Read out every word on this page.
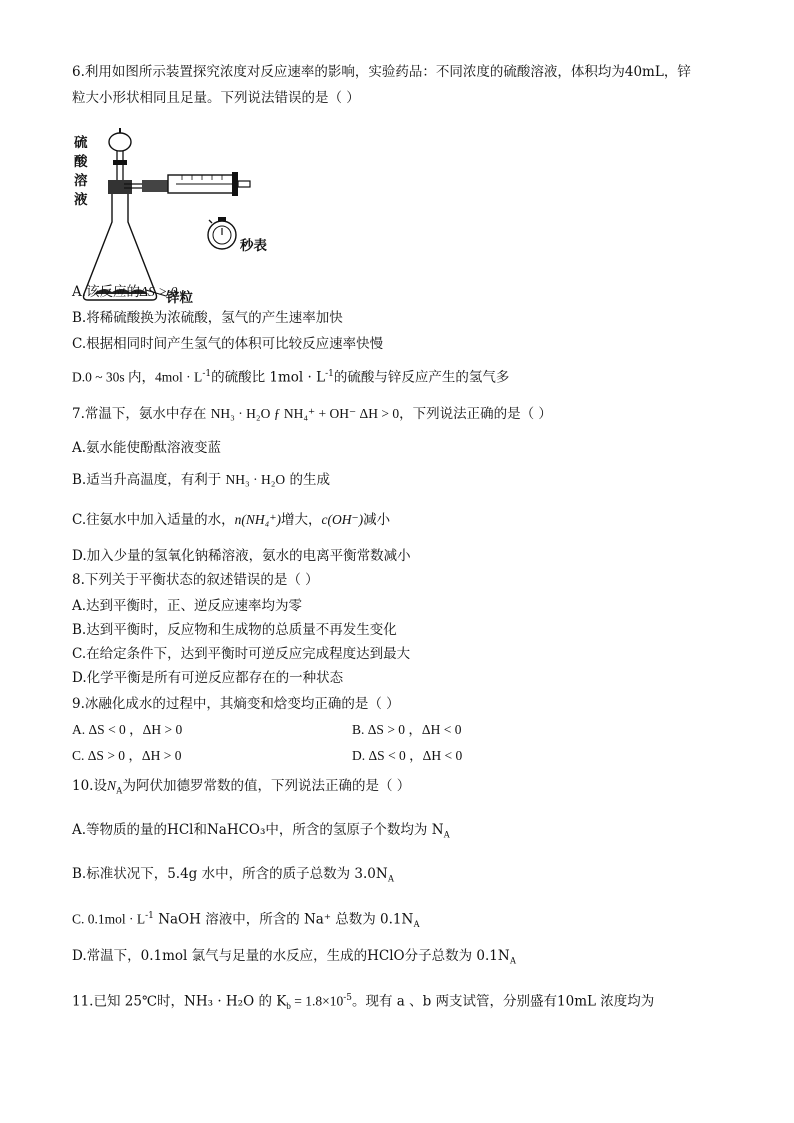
6.利用如图所示装置探究浓度对反应速率的影响，实验药品：不同浓度的硫酸溶液，体积均为40mL，锌
粒大小形状相同且足量。下列说法错误的是（ ）
硫酸溶液
锌粒
秒表
A.该反应的ΔS > 0
B.将稀硫酸换为浓硫酸，氢气的产生速率加快
C.根据相同时间产生氢气的体积可比较反应速率快慢
D.0 ~ 30s 内，$4mol \cdot L^{-1}$的硫酸比 $1mol \cdot L^{-1}$的硫酸与锌反应产生的氢气多
7.常温下，氨水中存在 NH₃ · H₂O ƒ NH₄⁺ + OH⁻ ΔH > 0，下列说法正确的是（ ）
A.氨水能使酚酞溶液变蓝
B.适当升高温度，有利于 NH₃ · H₂O 的生成
C.往氨水中加入适量的水，n(NH₄⁺)增大，c(OH⁻)减小
D.加入少量的氢氧化钠稀溶液，氨水的电离平衡常数减小
8.下列关于平衡状态的叙述错误的是（ ）
A.达到平衡时，正、逆反应速率均为零
B.达到平衡时，反应物和生成物的总质量不再发生变化
C.在给定条件下，达到平衡时可逆反应完成程度达到最大
D.化学平衡是所有可逆反应都存在的一种状态
9.冰融化成水的过程中，其熵变和焓变均正确的是（ ）
A. ΔS < 0 ，ΔH > 0	B. ΔS > 0 ，ΔH < 0
C. ΔS > 0 ，ΔH > 0	D. ΔS < 0 ，ΔH < 0
10.设$N_A$为阿伏加德罗常数的值，下列说法正确的是（ ）
A.等物质的量的HCl和NaHCO₃中，所含的氢原子个数均为 $N_A$
B.标准状况下，5.4g 水中，所含的质子总数为 $3.0N_A$
C. $0.1mol \cdot L^{-1}$ NaOH 溶液中，所含的 Na⁺ 总数为 $0.1N_A$
D.常温下，0.1mol 氯气与足量的水反应，生成的HClO分子总数为 $0.1N_A$
11.已知 25℃时，NH₃ · H₂O 的 $K_b = 1.8\times 10^{-5}$。现有 a 、b 两支试管，分别盛有10mL 浓度均为
